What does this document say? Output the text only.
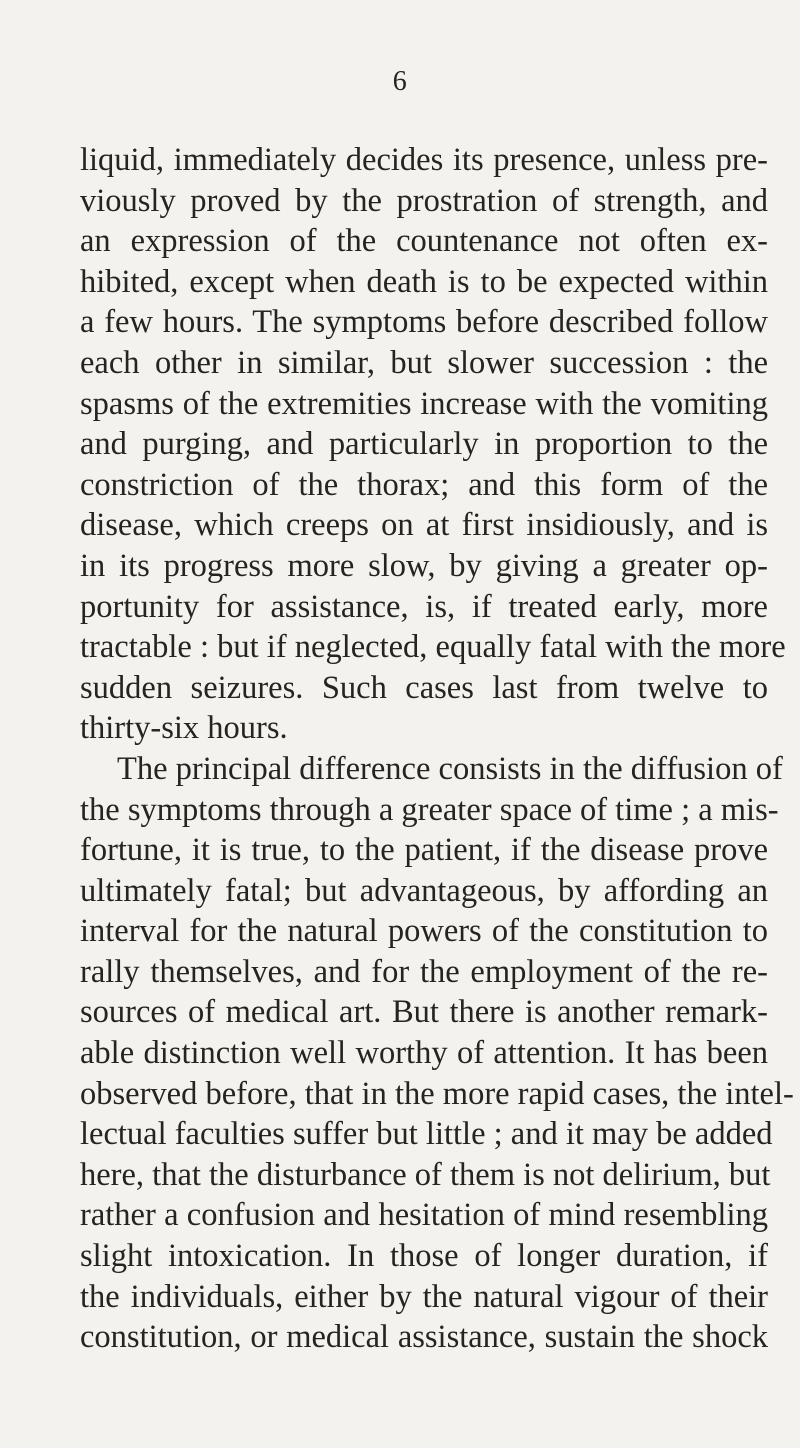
6
liquid, immediately decides its presence, unless pre-
viously proved by the prostration of strength, and
an expression of the countenance not often ex-
hibited, except when death is to be expected within
a few hours. The symptoms before described follow
each other in similar, but slower succession : the
spasms of the extremities increase with the vomiting
and purging, and particularly in proportion to the
constriction of the thorax; and this form of the
disease, which creeps on at first insidiously, and is
in its progress more slow, by giving a greater op-
portunity for assistance, is, if treated early, more
tractable : but if neglected, equally fatal with the more
sudden seizures. Such cases last from twelve to
thirty-six hours.
The principal difference consists in the diffusion of
the symptoms through a greater space of time ; a mis-
fortune, it is true, to the patient, if the disease prove
ultimately fatal; but advantageous, by affording an
interval for the natural powers of the constitution to
rally themselves, and for the employment of the re-
sources of medical art. But there is another remark-
able distinction well worthy of attention. It has been
observed before, that in the more rapid cases, the intel-
lectual faculties suffer but little ; and it may be added
here, that the disturbance of them is not delirium, but
rather a confusion and hesitation of mind resembling
slight intoxication. In those of longer duration, if
the individuals, either by the natural vigour of their
constitution, or medical assistance, sustain the shock
